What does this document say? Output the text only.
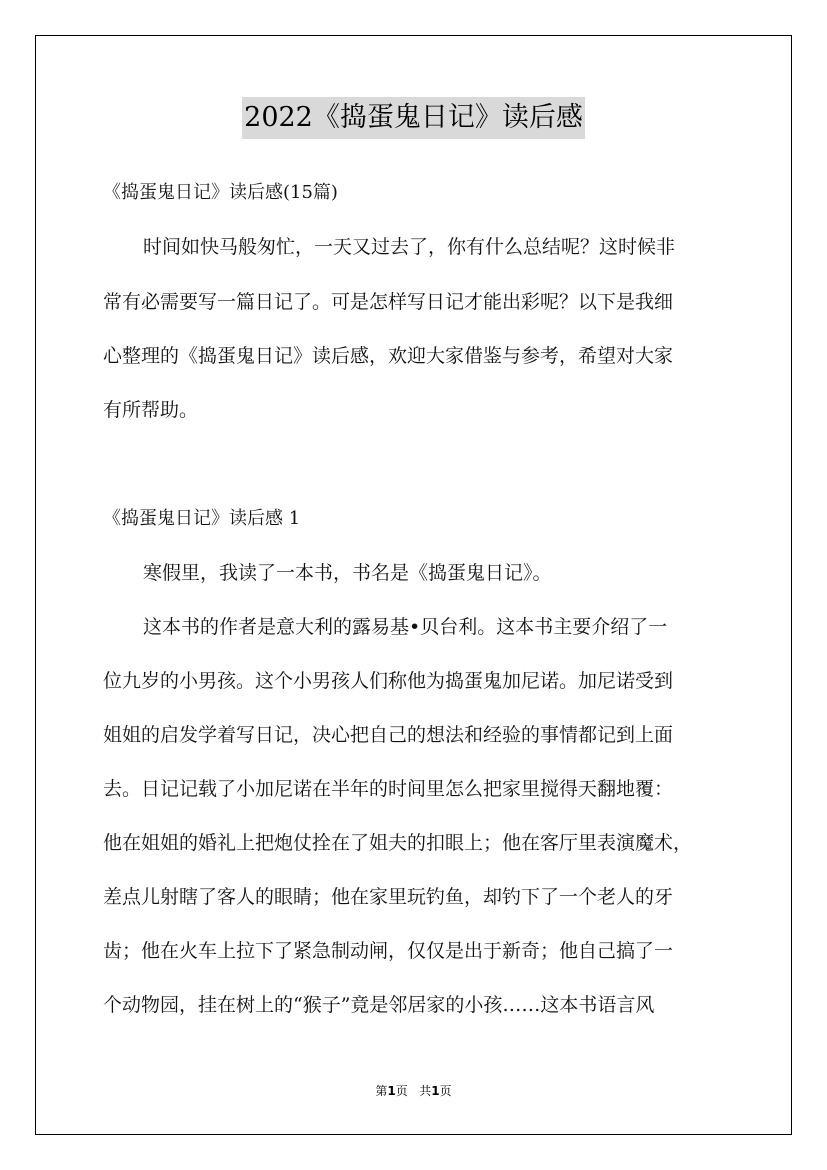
2022《捣蛋鬼日记》读后感
《捣蛋鬼日记》读后感(15篇)
时间如快马般匆忙，一天又过去了，你有什么总结呢？这时候非
常有必需要写一篇日记了。可是怎样写日记才能出彩呢？以下是我细
心整理的《捣蛋鬼日记》读后感，欢迎大家借鉴与参考，希望对大家
有所帮助。
《捣蛋鬼日记》读后感 1
寒假里，我读了一本书，书名是《捣蛋鬼日记》。
这本书的作者是意大利的露易基•贝台利。这本书主要介绍了一
位九岁的小男孩。这个小男孩人们称他为捣蛋鬼加尼诺。加尼诺受到
姐姐的启发学着写日记，决心把自己的想法和经验的事情都记到上面
去。日记记载了小加尼诺在半年的时间里怎么把家里搅得天翻地覆：
他在姐姐的婚礼上把炮仗拴在了姐夫的扣眼上；他在客厅里表演魔术，
差点儿射瞎了客人的眼睛；他在家里玩钓鱼，却钓下了一个老人的牙
齿；他在火车上拉下了紧急制动闸，仅仅是出于新奇；他自己搞了一
个动物园，挂在树上的“猴子”竟是邻居家的小孩……这本书语言风
第1页 共1页
